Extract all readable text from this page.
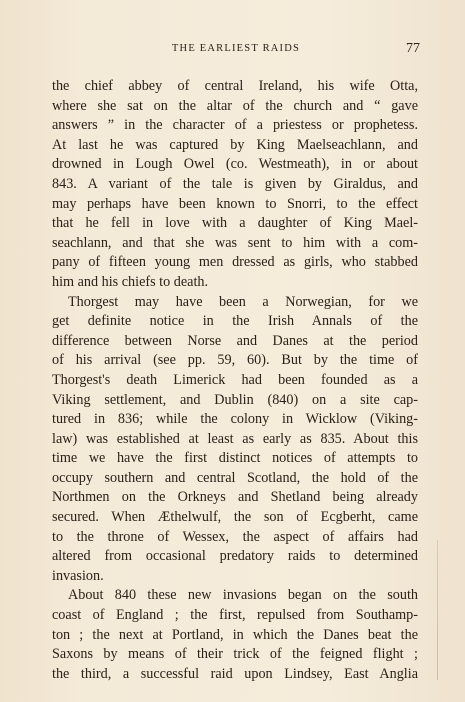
THE EARLIEST RAIDS	77
the chief abbey of central Ireland, his wife Otta,
where she sat on the altar of the church and “ gave
answers ” in the character of a priestess or prophetess.
At last he was captured by King Maelseachlann, and
drowned in Lough Owel (co. Westmeath), in or about
843. A variant of the tale is given by Giraldus, and
may perhaps have been known to Snorri, to the effect
that he fell in love with a daughter of King Mael-
seachlann, and that she was sent to him with a com-
pany of fifteen young men dressed as girls, who stabbed
him and his chiefs to death.
Thorgest may have been a Norwegian, for we
get definite notice in the Irish Annals of the
difference between Norse and Danes at the period
of his arrival (see pp. 59, 60). But by the time of
Thorgest's death Limerick had been founded as a
Viking settlement, and Dublin (840) on a site cap-
tured in 836; while the colony in Wicklow (Viking-
law) was established at least as early as 835. About this
time we have the first distinct notices of attempts to
occupy southern and central Scotland, the hold of the
Northmen on the Orkneys and Shetland being already
secured. When Æthelwulf, the son of Ecgberht, came
to the throne of Wessex, the aspect of affairs had
altered from occasional predatory raids to determined
invasion.
About 840 these new invasions began on the south
coast of England ; the first, repulsed from Southamp-
ton ; the next at Portland, in which the Danes beat the
Saxons by means of their trick of the feigned flight ;
the third, a successful raid upon Lindsey, East Anglia
